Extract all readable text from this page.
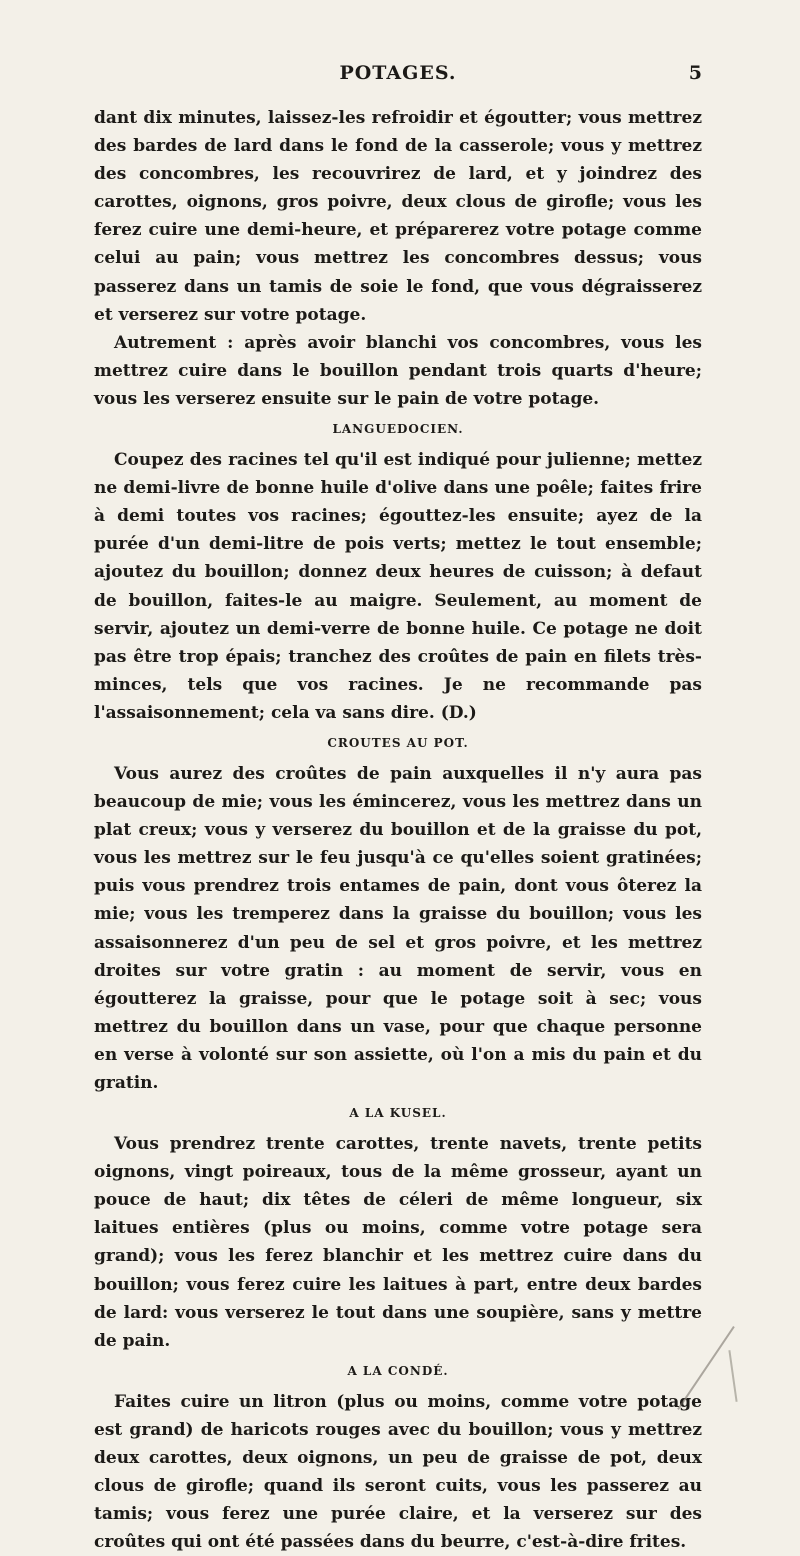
POTAGES.	5

dant dix minutes, laissez-les refroidir et égoutter; vous mettrez des bardes de lard dans le fond de la casserole; vous y mettrez des concombres, les recouvrirez de lard, et y joindrez des carottes, oignons, gros poivre, deux clous de girofle; vous les ferez cuire une demi-heure, et préparerez votre potage comme celui au pain; vous mettrez les concombres dessus; vous passerez dans un tamis de soie le fond, que vous dégraisserez et verserez sur votre potage.

Autrement : après avoir blanchi vos concombres, vous les mettrez cuire dans le bouillon pendant trois quarts d'heure; vous les verserez ensuite sur le pain de votre potage.

LANGUEDOCIEN.

Coupez des racines tel qu'il est indiqué pour julienne; mettez ne demi-livre de bonne huile d'olive dans une poêle; faites frire à demi toutes vos racines; égouttez-les ensuite; ayez de la purée d'un demi-litre de pois verts; mettez le tout ensemble; ajoutez du bouillon; donnez deux heures de cuisson; à defaut de bouillon, faites-le au maigre. Seulement, au moment de servir, ajoutez un demi-verre de bonne huile. Ce potage ne doit pas être trop épais; tranchez des croûtes de pain en filets très-minces, tels que vos racines. Je ne recommande pas l'assaisonnement; cela va sans dire. (D.)

CROUTES AU POT.

Vous aurez des croûtes de pain auxquelles il n'y aura pas beaucoup de mie; vous les émincerez, vous les mettrez dans un plat creux; vous y verserez du bouillon et de la graisse du pot, vous les mettrez sur le feu jusqu'à ce qu'elles soient gratinées; puis vous prendrez trois entames de pain, dont vous ôterez la mie; vous les tremperez dans la graisse du bouillon; vous les assaisonnerez d'un peu de sel et gros poivre, et les mettrez droites sur votre gratin : au moment de servir, vous en égoutterez la graisse, pour que le potage soit à sec; vous mettrez du bouillon dans un vase, pour que chaque personne en verse à volonté sur son assiette, où l'on a mis du pain et du gratin.

A LA KUSEL.

Vous prendrez trente carottes, trente navets, trente petits oignons, vingt poireaux, tous de la même grosseur, ayant un pouce de haut; dix têtes de céleri de même longueur, six laitues entières (plus ou moins, comme votre potage sera grand); vous les ferez blanchir et les mettrez cuire dans du bouillon; vous ferez cuire les laitues à part, entre deux bardes de lard: vous verserez le tout dans une soupière, sans y mettre de pain.

A LA CONDÉ.

Faites cuire un litron (plus ou moins, comme votre potage est grand) de haricots rouges avec du bouillon; vous y mettrez deux carottes, deux oignons, un peu de graisse de pot, deux clous de girofle; quand ils seront cuits, vous les passerez au tamis; vous ferez une purée claire, et la verserez sur des croûtes qui ont été passées dans du beurre, c'est-à-dire frites.
